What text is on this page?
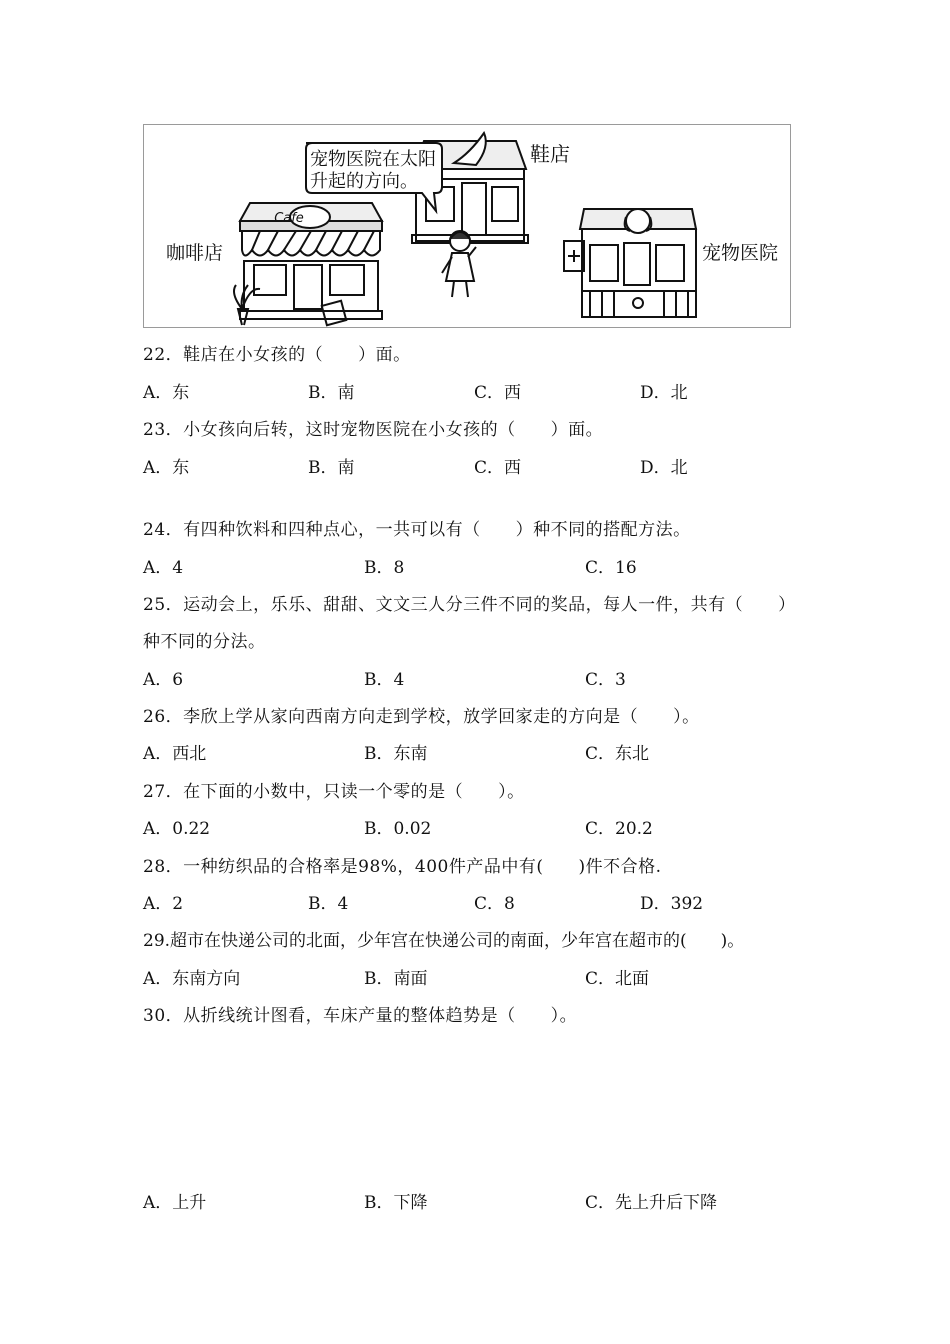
Cafe
宠物医院在太阳
升起的方向。
鞋店
咖啡店	宠物医院
22．鞋店在小女孩的（　　）面。
A．东	B．南	C．西	D．北
23．小女孩向后转，这时宠物医院在小女孩的（　　）面。
A．东	B．南	C．西	D．北
24．有四种饮料和四种点心，一共可以有（　　）种不同的搭配方法。
A．4	B．8	C．16
25．运动会上，乐乐、甜甜、文文三人分三件不同的奖品，每人一件，共有（　　）
种不同的分法。
A．6	B．4	C．3
26．李欣上学从家向西南方向走到学校，放学回家走的方向是（　　）。
A．西北	B．东南	C．东北
27．在下面的小数中，只读一个零的是（　　）。
A．0.22	B．0.02	C．20.2
28．一种纺织品的合格率是98%，400件产品中有(　　)件不合格.
A．2	B．4	C．8	D．392
29.超市在快递公司的北面，少年宫在快递公司的南面，少年宫在超市的(　　)。
A．东南方向	B．南面	C．北面
30．从折线统计图看，车床产量的整体趋势是（　　）。
A．上升	B．下降	C．先上升后下降
